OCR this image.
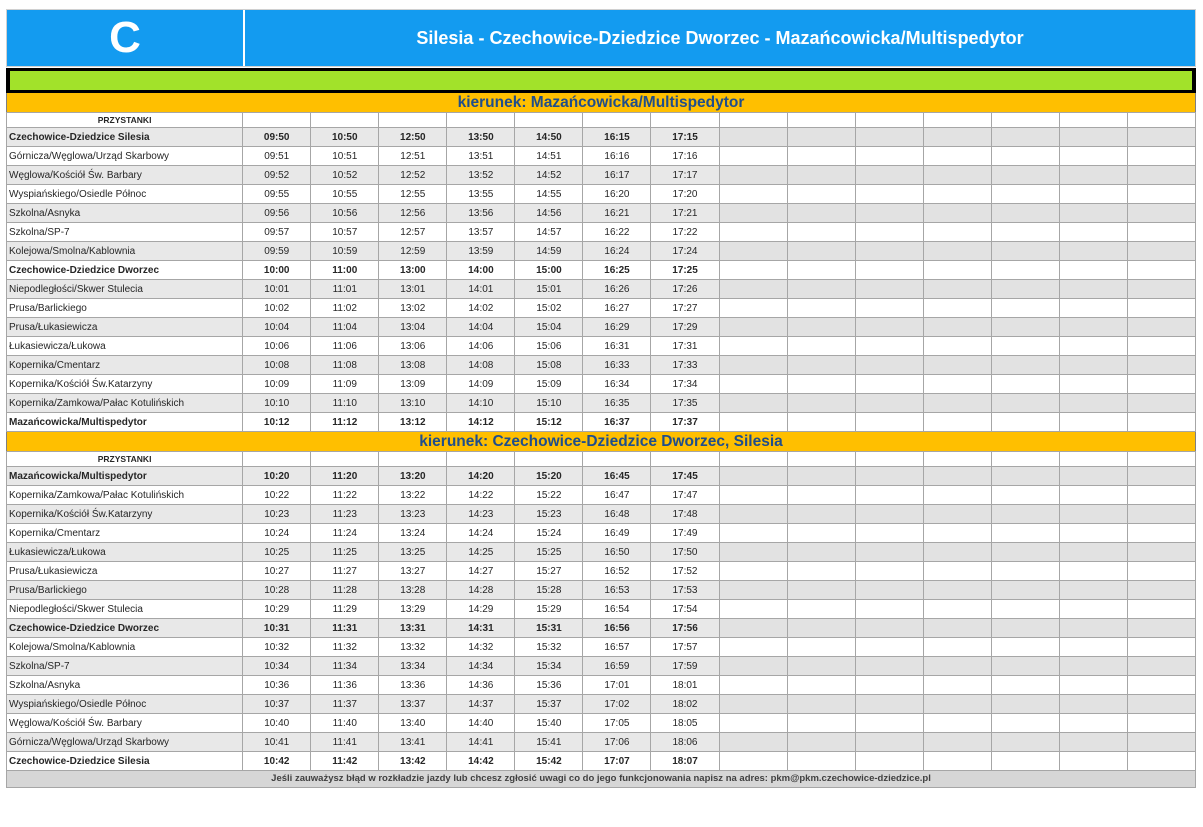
C	Silesia - Czechowice-Dziedzice Dworzec - Mazańcowicka/Multispedytor
kierunek: Mazańcowicka/Multispedytor
PRZYSTANKI														
Czechowice-Dziedzice Silesia	09:50	10:50	12:50	13:50	14:50	16:15	17:15							
Górnicza/Węglowa/Urząd Skarbowy	09:51	10:51	12:51	13:51	14:51	16:16	17:16							
Węglowa/Kościół Św. Barbary	09:52	10:52	12:52	13:52	14:52	16:17	17:17							
Wyspiańskiego/Osiedle Północ	09:55	10:55	12:55	13:55	14:55	16:20	17:20							
Szkolna/Asnyka	09:56	10:56	12:56	13:56	14:56	16:21	17:21							
Szkolna/SP-7	09:57	10:57	12:57	13:57	14:57	16:22	17:22							
Kolejowa/Smolna/Kablownia	09:59	10:59	12:59	13:59	14:59	16:24	17:24							
Czechowice-Dziedzice Dworzec	10:00	11:00	13:00	14:00	15:00	16:25	17:25							
Niepodległości/Skwer Stulecia	10:01	11:01	13:01	14:01	15:01	16:26	17:26							
Prusa/Barlickiego	10:02	11:02	13:02	14:02	15:02	16:27	17:27							
Prusa/Łukasiewicza	10:04	11:04	13:04	14:04	15:04	16:29	17:29							
Łukasiewicza/Łukowa	10:06	11:06	13:06	14:06	15:06	16:31	17:31							
Kopernika/Cmentarz	10:08	11:08	13:08	14:08	15:08	16:33	17:33							
Kopernika/Kościół Św.Katarzyny	10:09	11:09	13:09	14:09	15:09	16:34	17:34							
Kopernika/Zamkowa/Pałac Kotulińskich	10:10	11:10	13:10	14:10	15:10	16:35	17:35							
Mazańcowicka/Multispedytor	10:12	11:12	13:12	14:12	15:12	16:37	17:37							
kierunek: Czechowice-Dziedzice Dworzec, Silesia
PRZYSTANKI														
Mazańcowicka/Multispedytor	10:20	11:20	13:20	14:20	15:20	16:45	17:45							
Kopernika/Zamkowa/Pałac Kotulińskich	10:22	11:22	13:22	14:22	15:22	16:47	17:47							
Kopernika/Kościół Św.Katarzyny	10:23	11:23	13:23	14:23	15:23	16:48	17:48							
Kopernika/Cmentarz	10:24	11:24	13:24	14:24	15:24	16:49	17:49							
Łukasiewicza/Łukowa	10:25	11:25	13:25	14:25	15:25	16:50	17:50							
Prusa/Łukasiewicza	10:27	11:27	13:27	14:27	15:27	16:52	17:52							
Prusa/Barlickiego	10:28	11:28	13:28	14:28	15:28	16:53	17:53							
Niepodległości/Skwer Stulecia	10:29	11:29	13:29	14:29	15:29	16:54	17:54							
Czechowice-Dziedzice Dworzec	10:31	11:31	13:31	14:31	15:31	16:56	17:56							
Kolejowa/Smolna/Kablownia	10:32	11:32	13:32	14:32	15:32	16:57	17:57							
Szkolna/SP-7	10:34	11:34	13:34	14:34	15:34	16:59	17:59							
Szkolna/Asnyka	10:36	11:36	13:36	14:36	15:36	17:01	18:01							
Wyspiańskiego/Osiedle Północ	10:37	11:37	13:37	14:37	15:37	17:02	18:02							
Węglowa/Kościół Św. Barbary	10:40	11:40	13:40	14:40	15:40	17:05	18:05							
Górnicza/Węglowa/Urząd Skarbowy	10:41	11:41	13:41	14:41	15:41	17:06	18:06							
Czechowice-Dziedzice Silesia	10:42	11:42	13:42	14:42	15:42	17:07	18:07							
Jeśli zauważysz błąd w rozkładzie jazdy lub chcesz zgłosić uwagi co do jego funkcjonowania napisz na adres: pkm@pkm.czechowice-dziedzice.pl
